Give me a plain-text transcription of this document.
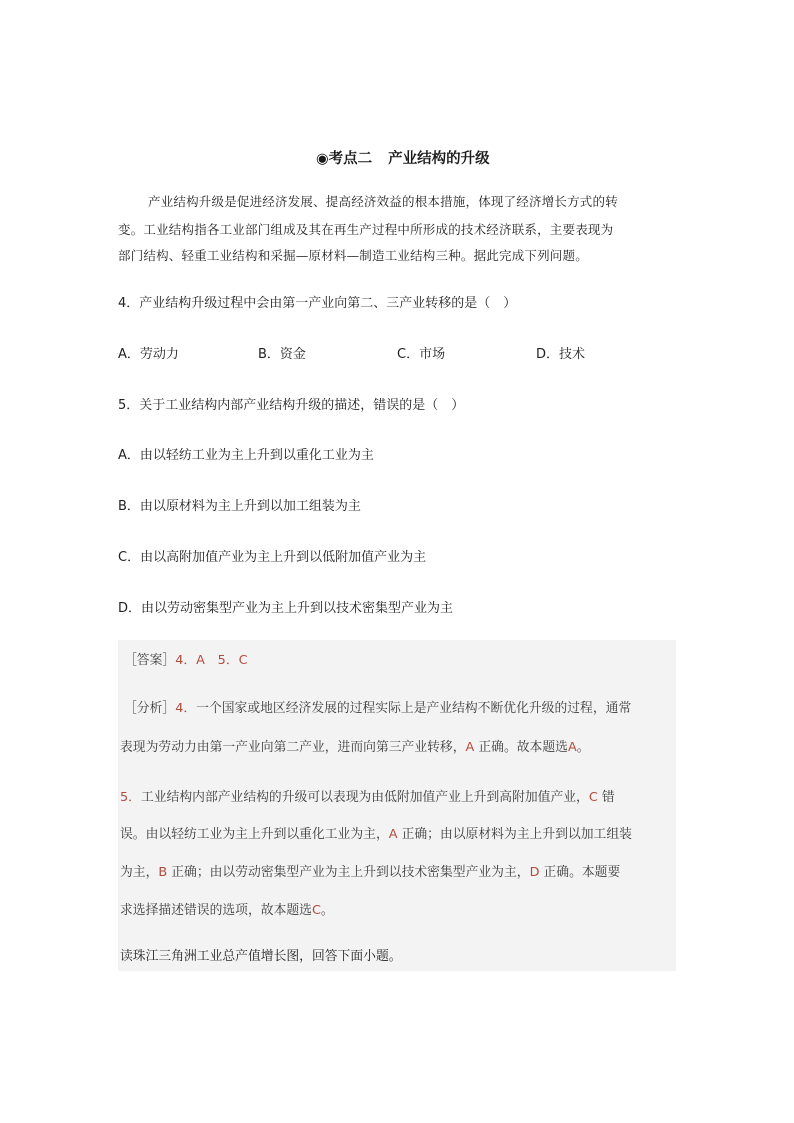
◉考点二 产业结构的升级
产业结构升级是促进经济发展、提高经济效益的根本措施，体现了经济增长方式的转
变。工业结构指各工业部门组成及其在再生产过程中所形成的技术经济联系，主要表现为
部门结构、轻重工业结构和采掘—原材料—制造工业结构三种。据此完成下列问题。
4．产业结构升级过程中会由第一产业向第二、三产业转移的是（　）
A．劳动力	B．资金	C．市场	D．技术
5．关于工业结构内部产业结构升级的描述，错误的是（　）
A．由以轻纺工业为主上升到以重化工业为主
B．由以原材料为主上升到以加工组装为主
C．由以高附加值产业为主上升到以低附加值产业为主
D．由以劳动密集型产业为主上升到以技术密集型产业为主
［答案］4．A　5．C
［分析］4．一个国家或地区经济发展的过程实际上是产业结构不断优化升级的过程，通常
表现为劳动力由第一产业向第二产业，进而向第三产业转移，A 正确。故本题选A。
5．工业结构内部产业结构的升级可以表现为由低附加值产业上升到高附加值产业，C 错
误。由以轻纺工业为主上升到以重化工业为主，A 正确；由以原材料为主上升到以加工组装
为主，B 正确；由以劳动密集型产业为主上升到以技术密集型产业为主，D 正确。本题要
求选择描述错误的选项，故本题选C。
读珠江三角洲工业总产值增长图，回答下面小题。
